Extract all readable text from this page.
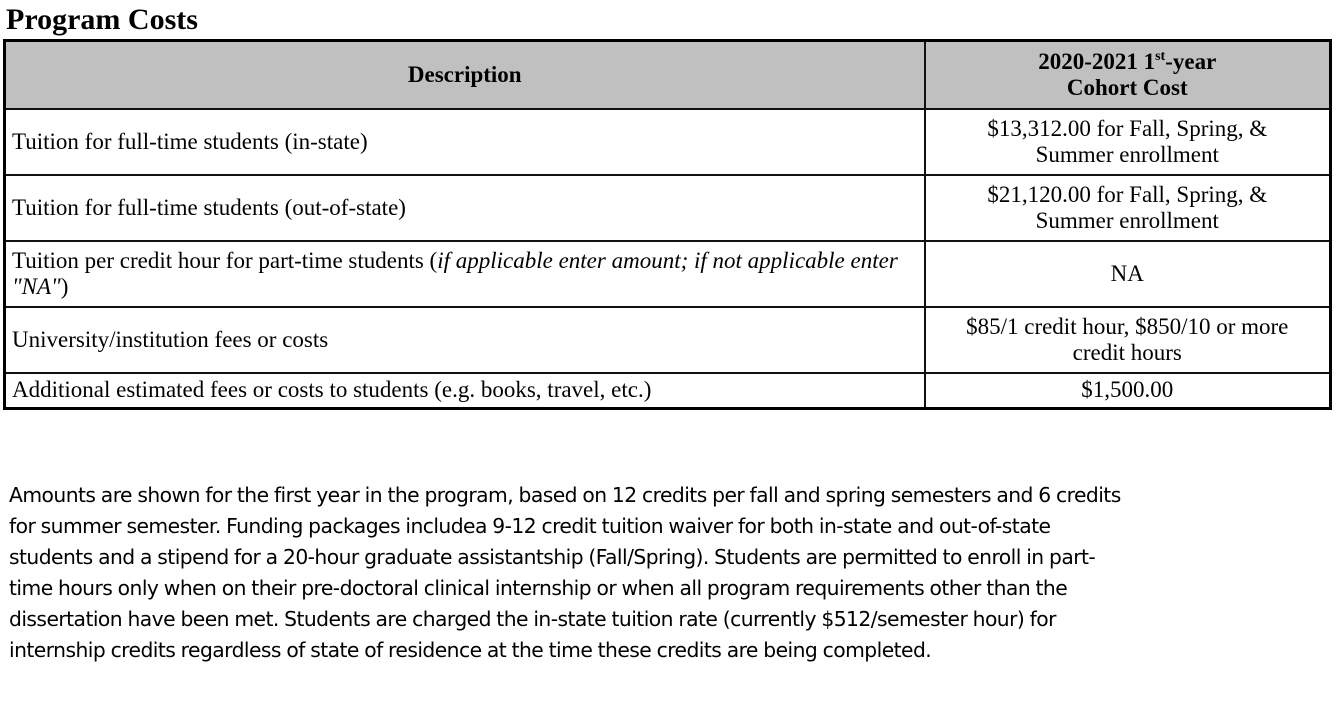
Program Costs
Description	2020-2021 1st-year
Cohort Cost
Tuition for full-time students (in-state)	$13,312.00 for Fall, Spring, &
Summer enrollment
Tuition for full-time students (out-of-state)	$21,120.00 for Fall, Spring, &
Summer enrollment
Tuition per credit hour for part-time students (if applicable enter amount; if not applicable enter "NA")	NA
University/institution fees or costs	$85/1 credit hour, $850/10 or more
credit hours
Additional estimated fees or costs to students (e.g. books, travel, etc.)	$1,500.00

Amounts are shown for the first year in the program, based on 12 credits per fall and spring semesters and 6 credits
for summer semester. Funding packages includea 9-12 credit tuition waiver for both in-state and out-of-state
students and a stipend for a 20-hour graduate assistantship (Fall/Spring). Students are permitted to enroll in part-
time hours only when on their pre-doctoral clinical internship or when all program requirements other than the
dissertation have been met. Students are charged the in-state tuition rate (currently $512/semester hour) for
internship credits regardless of state of residence at the time these credits are being completed.
